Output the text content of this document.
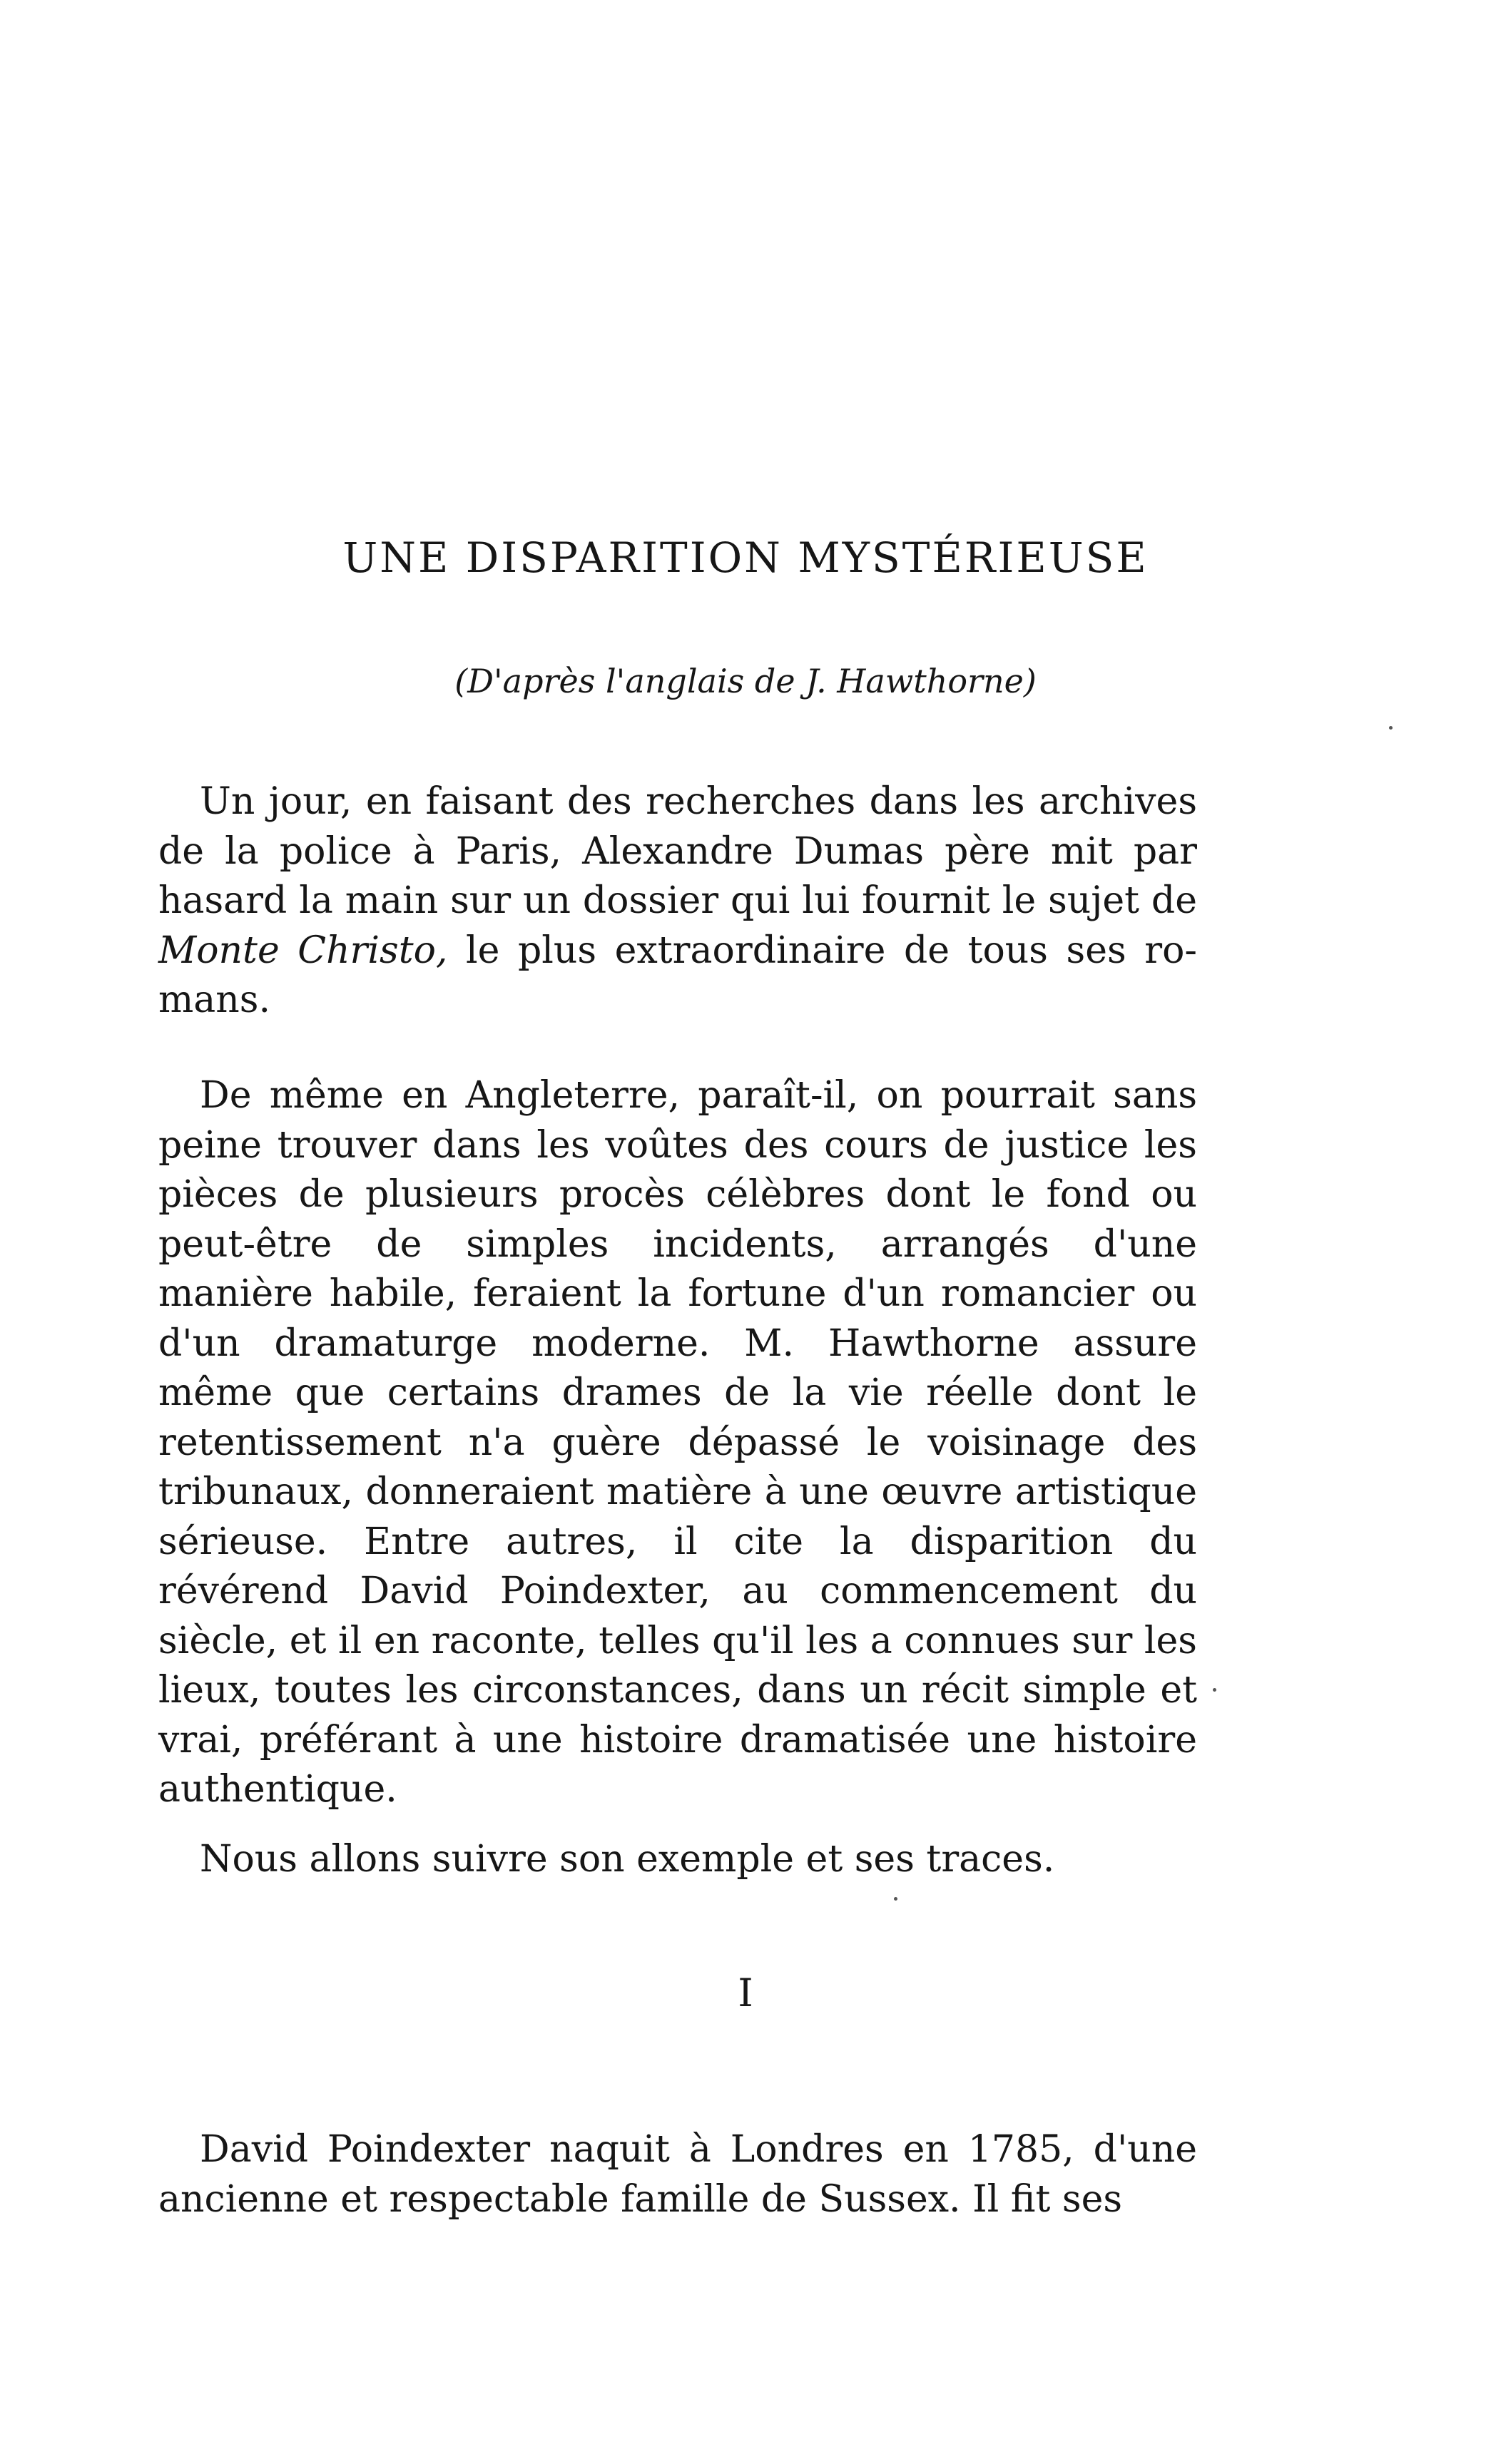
UNE DISPARITION MYSTÉRIEUSE
(D'après l'anglais de J. Hawthorne)

Un jour, en faisant des recherches dans les archives de la police à Paris, Alexandre Dumas père mit par hasard la main sur un dossier qui lui fournit le sujet de Monte Christo, le plus extraordinaire de tous ses romans.

De même en Angleterre, paraît-il, on pourrait sans peine trouver dans les voûtes des cours de justice les pièces de plusieurs procès célèbres dont le fond ou peut-être de simples incidents, arrangés d'une manière habile, feraient la fortune d'un romancier ou d'un dramaturge moderne. M. Hawthorne assure même que certains drames de la vie réelle dont le retentissement n'a guère dépassé le voisinage des tribunaux, donneraient matière à une œuvre artistique sérieuse. Entre autres, il cite la disparition du révérend David Poindexter, au commencement du siècle, et il en raconte, telles qu'il les a connues sur les lieux, toutes les circonstances, dans un récit simple et vrai, préférant à une histoire dramatisée une histoire authentique.

Nous allons suivre son exemple et ses traces.

I

David Poindexter naquit à Londres en 1785, d'une ancienne et respectable famille de Sussex. Il fit ses
